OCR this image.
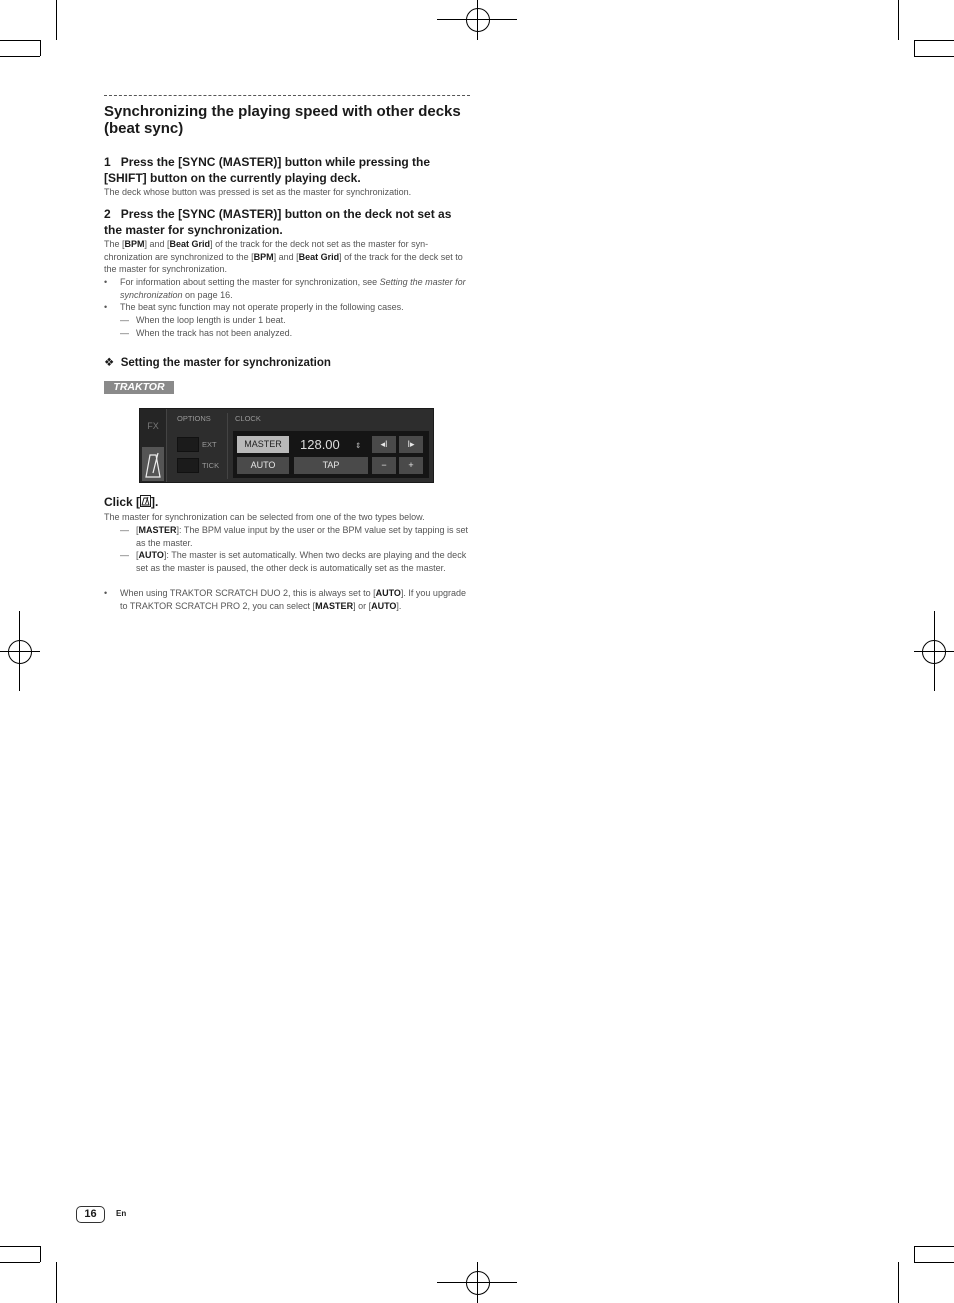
Synchronizing the playing speed with other decks (beat sync)

1 Press the [SYNC (MASTER)] button while pressing the [SHIFT] button on the currently playing deck.

The deck whose button was pressed is set as the master for synchronization.

2 Press the [SYNC (MASTER)] button on the deck not set as the master for synchronization.

The [BPM] and [Beat Grid] of the track for the deck not set as the master for syn-chronization are synchronized to the [BPM] and [Beat Grid] of the track for the deck set to the master for synchronization.

•	For information about setting the master for synchronization, see Setting the master for synchronization on page 16.
•	The beat sync function may not operate properly in the following cases.
— When the loop length is under 1 beat.
— When the track has not been analyzed.
❖ Setting the master for synchronization
TRAKTOR
FX
OPTIONS
EXT
TICK
CLOCK
MASTER	128.00 ⇕	◂I	I▸
AUTO	TAP	−	+
Click [ ].

The master for synchronization can be selected from one of the two types below.

— [MASTER]: The BPM value input by the user or the BPM value set by tapping is set as the master.
— [AUTO]: The master is set automatically. When two decks are playing and the deck set as the master is paused, the other deck is automatically set as the master.
•	When using TRAKTOR SCRATCH DUO 2, this is always set to [AUTO]. If you upgrade to TRAKTOR SCRATCH PRO 2, you can select [MASTER] or [AUTO].
16	En
